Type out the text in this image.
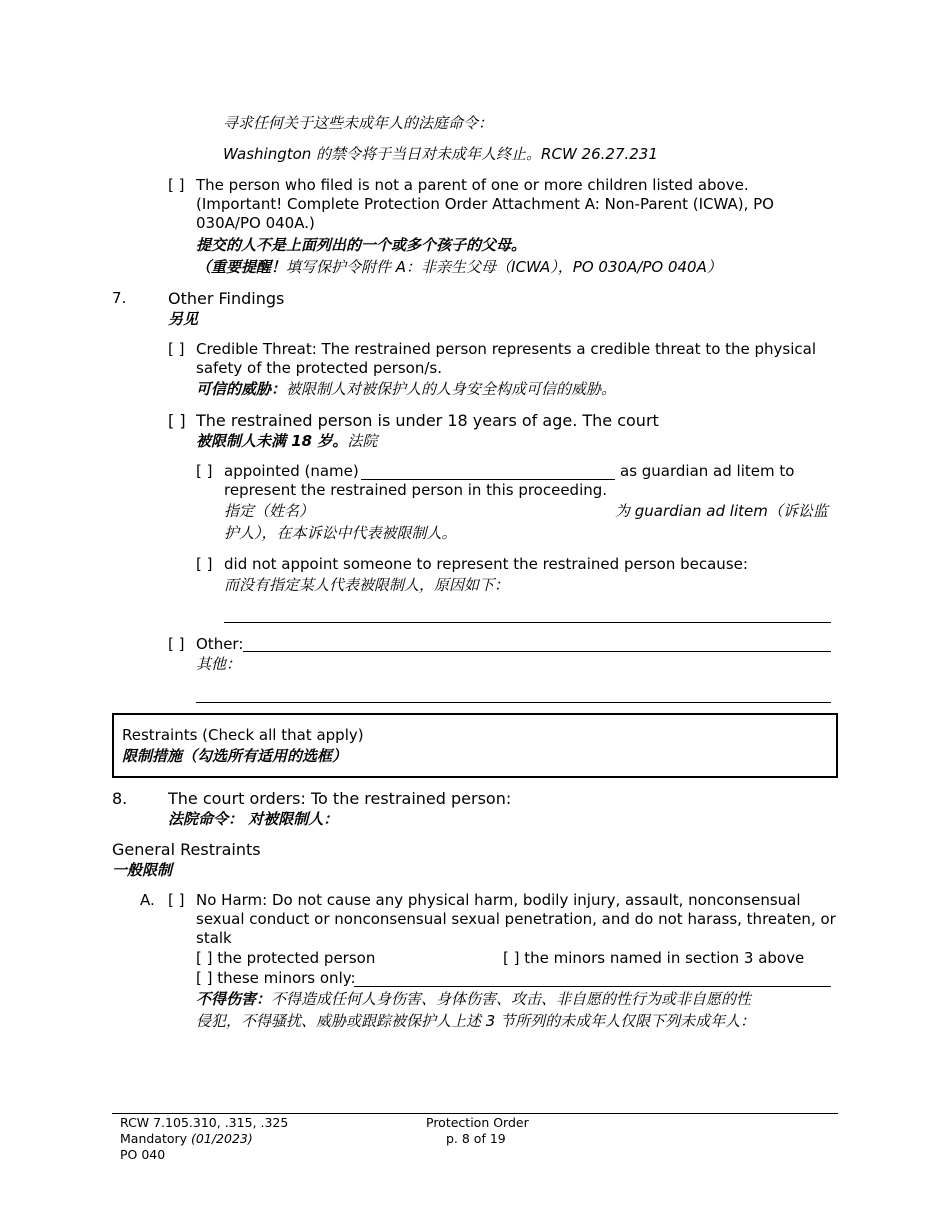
寻求任何关于这些未成年人的法庭命令：
Washington 的禁令将于当日对未成年人终止。RCW 26.27.231
[ ] The person who filed is not a parent of one or more children listed above.
(Important! Complete Protection Order Attachment A: Non-Parent (ICWA), PO
030A/PO 040A.)
提交的人不是上面列出的一个或多个孩子的父母。
（重要提醒！填写保护令附件 A：非亲生父母（ICWA），PO 030A/PO 040A）
7.	Other Findings
另见
[ ] Credible Threat: The restrained person represents a credible threat to the physical
safety of the protected person/s.
可信的威胁：被限制人对被保护人的人身安全构成可信的威胁。
[ ] The restrained person is under 18 years of age. The court
被限制人未满 18 岁。法院
[ ] appointed (name)	as guardian ad litem to
represent the restrained person in this proceeding.
指定（姓名）	为 guardian ad litem（诉讼监
护人），在本诉讼中代表被限制人。
[ ] did not appoint someone to represent the restrained person because:
而没有指定某人代表被限制人，原因如下：
[ ] Other:
其他：
Restraints (Check all that apply)
限制措施（勾选所有适用的选框）
8.	The court orders: To the restrained person:
法院命令： 对被限制人：
General Restraints
一般限制
A. [ ] No Harm: Do not cause any physical harm, bodily injury, assault, nonconsensual
sexual conduct or nonconsensual sexual penetration, and do not harass, threaten, or
stalk
[ ] the protected person	[ ] the minors named in section 3 above
[ ] these minors only:
不得伤害：不得造成任何人身伤害、身体伤害、攻击、非自愿的性行为或非自愿的性
侵犯，不得骚扰、威胁或跟踪被保护人上述 3 节所列的未成年人仅限下列未成年人：
RCW 7.105.310, .315, .325
Mandatory (01/2023)
PO 040
Protection Order
p. 8 of 19
